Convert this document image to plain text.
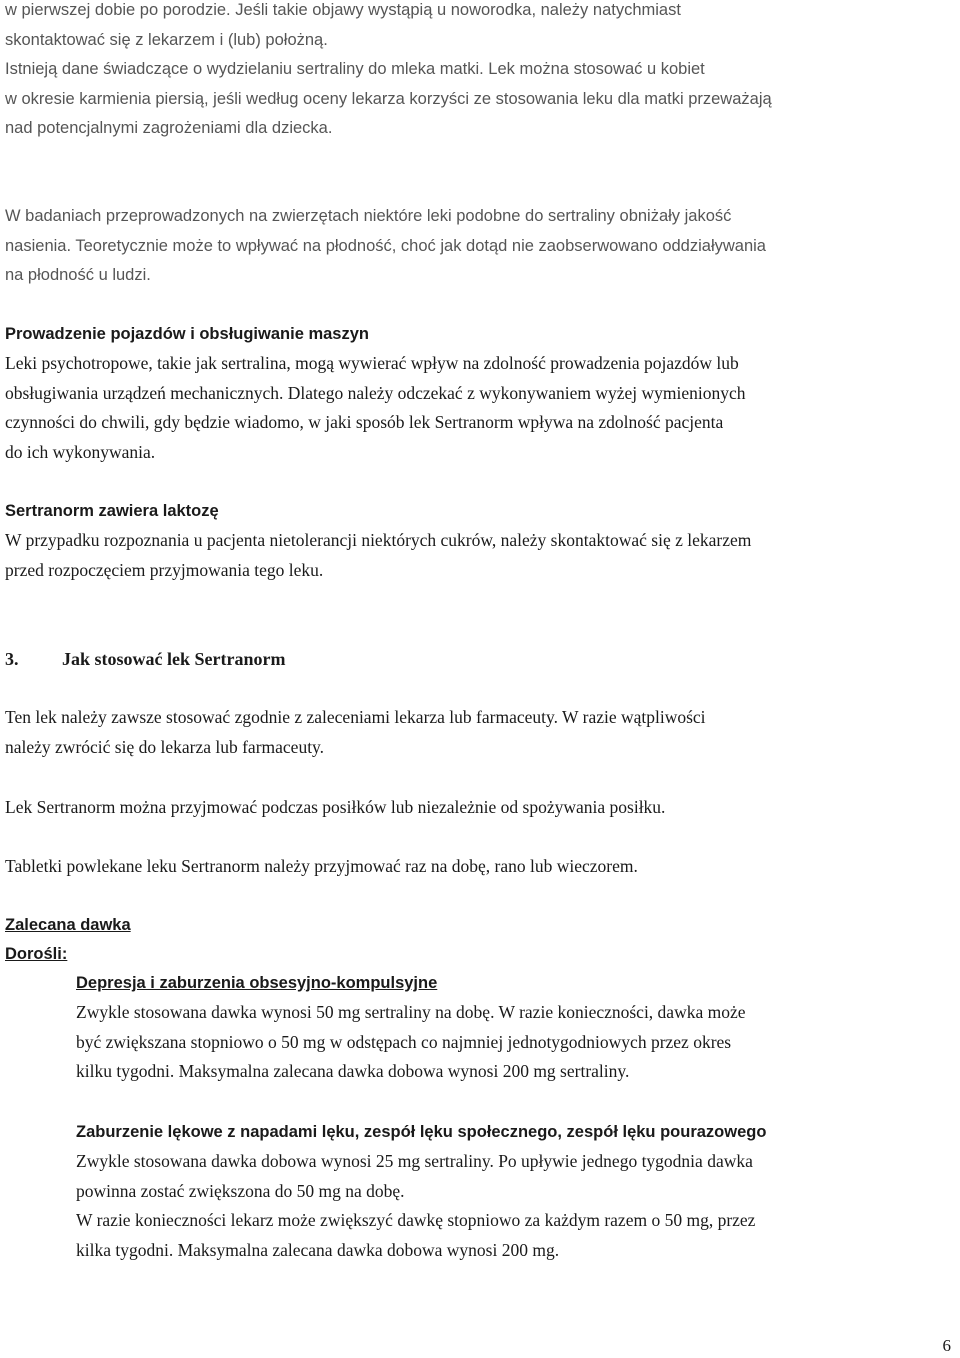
w pierwszej dobie po porodzie. Jeśli takie objawy wystąpią u noworodka, należy natychmiast

skontaktować się z lekarzem i (lub) położną.

Istnieją dane świadczące o wydzielaniu sertraliny do mleka matki. Lek można stosować u kobiet

w okresie karmienia piersią, jeśli według oceny lekarza korzyści ze stosowania leku dla matki przeważają

nad potencjalnymi zagrożeniami dla dziecka.

W badaniach przeprowadzonych na zwierzętach niektóre leki podobne do sertraliny obniżały jakość

nasienia. Teoretycznie może to wpływać na płodność, choć jak dotąd nie zaobserwowano oddziaływania

na płodność u ludzi.

Prowadzenie pojazdów i obsługiwanie maszyn

Leki psychotropowe, takie jak sertralina, mogą wywierać wpływ na zdolność prowadzenia pojazdów lub

obsługiwania urządzeń mechanicznych. Dlatego należy odczekać z wykonywaniem wyżej wymienionych

czynności do chwili, gdy będzie wiadomo, w jaki sposób lek Sertranorm wpływa na zdolność pacjenta

do ich wykonywania.

Sertranorm zawiera laktozę

W przypadku rozpoznania u pacjenta nietolerancji niektórych cukrów, należy skontaktować się z lekarzem

przed rozpoczęciem przyjmowania tego leku.

3. Jak stosować lek Sertranorm

Ten lek należy zawsze stosować zgodnie z zaleceniami lekarza lub farmaceuty. W razie wątpliwości

należy zwrócić się do lekarza lub farmaceuty.

Lek Sertranorm można przyjmować podczas posiłków lub niezależnie od spożywania posiłku.

Tabletki powlekane leku Sertranorm należy przyjmować raz na dobę, rano lub wieczorem.

Zalecana dawka

Dorośli:

Depresja i zaburzenia obsesyjno-kompulsyjne

Zwykle stosowana dawka wynosi 50 mg sertraliny na dobę. W razie konieczności, dawka może

być zwiększana stopniowo o 50 mg w odstępach co najmniej jednotygodniowych przez okres

kilku tygodni. Maksymalna zalecana dawka dobowa wynosi 200 mg sertraliny.

Zaburzenie lękowe z napadami lęku, zespół lęku społecznego, zespół lęku pourazowego

Zwykle stosowana dawka dobowa wynosi 25 mg sertraliny. Po upływie jednego tygodnia dawka

powinna zostać zwiększona do 50 mg na dobę.

W razie konieczności lekarz może zwiększyć dawkę stopniowo za każdym razem o 50 mg, przez

kilka tygodni. Maksymalna zalecana dawka dobowa wynosi 200 mg.

6
